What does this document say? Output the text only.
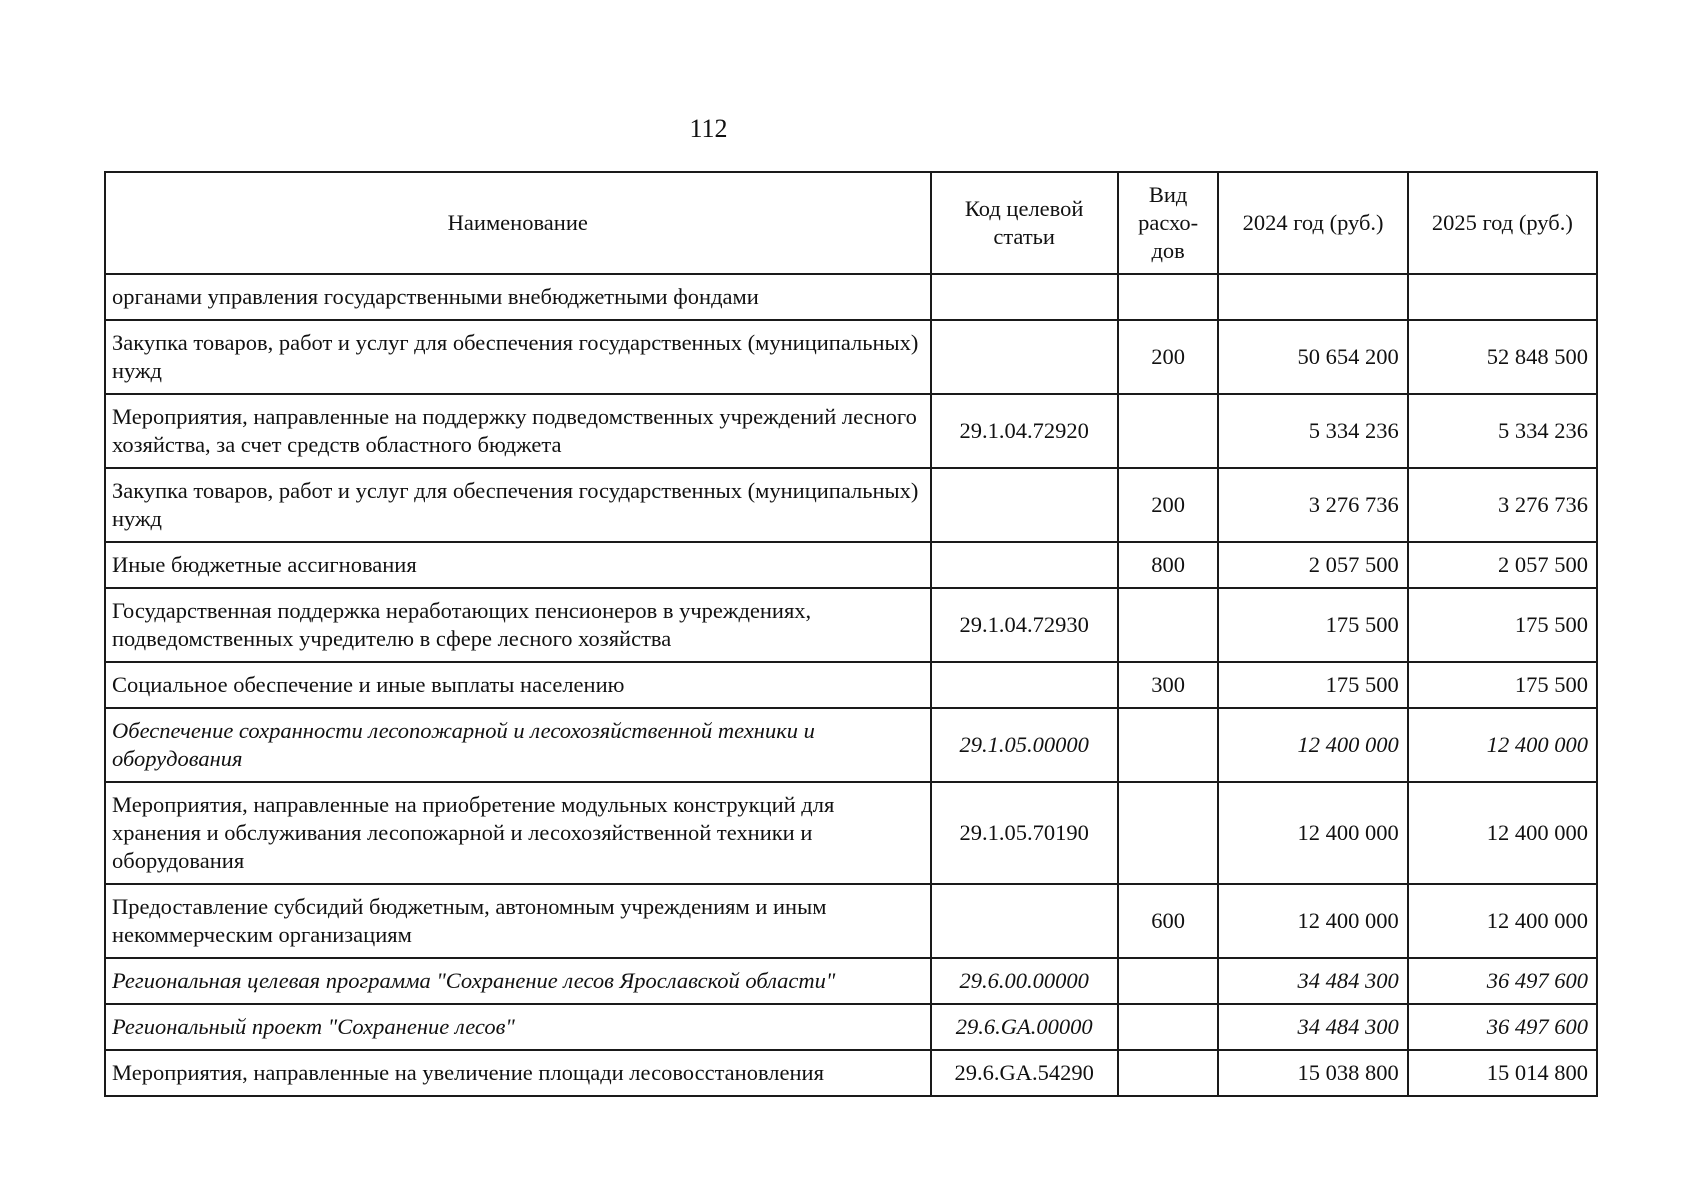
112
Наименование	Код целевой статьи	Вид расхо-дов	2024 год (руб.)	2025 год (руб.)
органами управления государственными внебюджетными фондами				
Закупка товаров, работ и услуг для обеспечения государственных (муниципальных) нужд		200	50 654 200	52 848 500
Мероприятия, направленные на поддержку подведомственных учреждений лесного хозяйства, за счет средств областного бюджета	29.1.04.72920		5 334 236	5 334 236
Закупка товаров, работ и услуг для обеспечения государственных (муниципальных) нужд		200	3 276 736	3 276 736
Иные бюджетные ассигнования		800	2 057 500	2 057 500
Государственная поддержка неработающих пенсионеров в учреждениях, подведомственных учредителю в сфере лесного хозяйства	29.1.04.72930		175 500	175 500
Социальное обеспечение и иные выплаты населению		300	175 500	175 500
Обеспечение сохранности лесопожарной и лесохозяйственной техники и оборудования	29.1.05.00000		12 400 000	12 400 000
Мероприятия, направленные на приобретение модульных конструкций для хранения и обслуживания лесопожарной и лесохозяйственной техники и оборудования	29.1.05.70190		12 400 000	12 400 000
Предоставление субсидий бюджетным, автономным учреждениям и иным некоммерческим организациям		600	12 400 000	12 400 000
Региональная целевая программа "Сохранение лесов Ярославской области"	29.6.00.00000		34 484 300	36 497 600
Региональный проект "Сохранение лесов"	29.6.GA.00000		34 484 300	36 497 600
Мероприятия, направленные на увеличение площади лесовосстановления	29.6.GA.54290		15 038 800	15 014 800
